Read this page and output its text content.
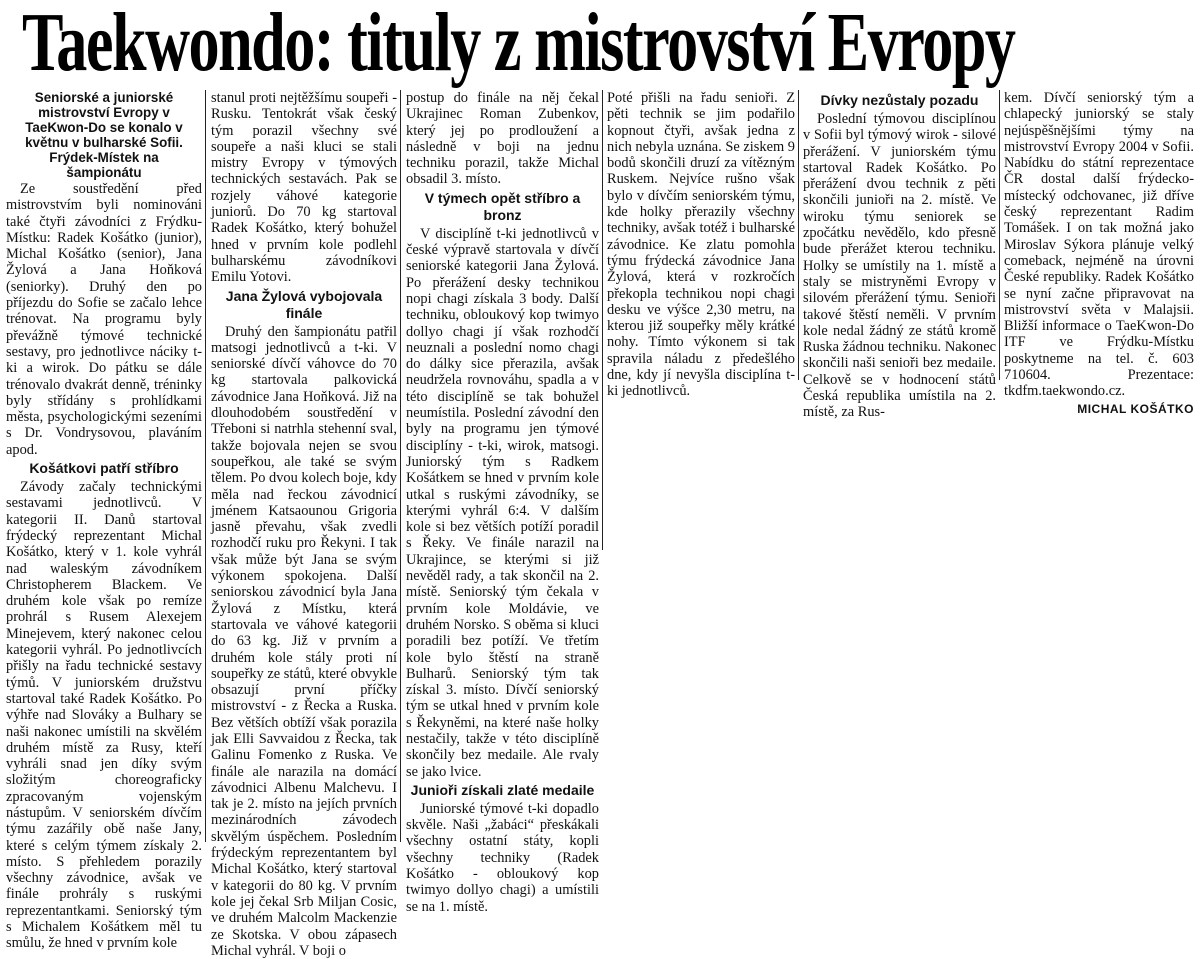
Taekwondo: tituly z mistrovství Evropy
Seniorské a juniorské mistrovství Evropy v TaeKwon-Do se konalo v květnu v bulharské Sofii. Frýdek-Místek na šampionátu

Ze soustředění před mistrovstvím byli nominováni také čtyři závodníci z Frýdku-Místku: Radek Košátko (junior), Michal Košátko (senior), Jana Žylová a Jana Hoňková (seniorky). Druhý den po příjezdu do Sofie se začalo lehce trénovat. Na programu byly převážně týmové technické sestavy, pro jednotlivce náciky t-ki a wirok. Do pátku se dále trénovalo dvakrát denně, tréninky byly střídány s prohlídkami města, psychologickými sezeními s Dr. Vondrysovou, plaváním apod.

Košátkovi patří stříbro

Závody začaly technickými sestavami jednotlivců. V kategorii II. Danů startoval frýdecký reprezentant Michal Košátko, který v 1. kole vyhrál nad waleským závodníkem Christopherem Blackem. Ve druhém kole však po remíze prohrál s Rusem Alexejem Minejevem, který nakonec celou kategorii vyhrál. Po jednotlivcích přišly na řadu technické sestavy týmů. V juniorském družstvu startoval také Radek Košátko. Po výhře nad Slováky a Bulhary se naši nakonec umístili na skvělém druhém místě za Rusy, kteří vyhráli snad jen díky svým složitým choreograficky zpracovaným vojenským nástupům. V seniorském dívčím týmu zazářily obě naše Jany, které s celým týmem získaly 2. místo. S přehledem porazily všechny závodnice, avšak ve finále prohrály s ruskými reprezentantkami. Seniorský tým s Michalem Košátkem měl tu smůlu, že hned v prvním kole

stanul proti nejtěžšímu soupeři - Rusku. Tentokrát však český tým porazil všechny své soupeře a naši kluci se stali mistry Evropy v týmových technických sestavách. Pak se rozjely váhové kategorie juniorů. Do 70 kg startoval Radek Košátko, který bohužel hned v prvním kole podlehl bulharskému závodníkovi Emilu Yotovi.

Jana Žylová vybojovala finále

Druhý den šampionátu patřil matsogi jednotlivců a t-ki. V seniorské dívčí váhovce do 70 kg startovala palkovická závodnice Jana Hoňková. Již na dlouhodobém soustředění v Třeboni si natrhla stehenní sval, takže bojovala nejen se svou soupeřkou, ale také se svým tělem. Po dvou kolech boje, kdy měla nad řeckou závodnicí jménem Katsaounou Grigoria jasně převahu, však zvedli rozhodčí ruku pro Řekyni. I tak však může být Jana se svým výkonem spokojena. Další seniorskou závodnicí byla Jana Žylová z Místku, která startovala ve váhové kategorii do 63 kg. Již v prvním a druhém kole stály proti ní soupeřky ze států, které obvykle obsazují první příčky mistrovství - z Řecka a Ruska. Bez větších obtíží však porazila jak Elli Savvaidou z Řecka, tak Galinu Fomenko z Ruska. Ve finále ale narazila na domácí závodnici Albenu Malchevu. I tak je 2. místo na jejích prvních mezinárodních závodech skvělým úspěchem. Posledním frýdeckým reprezentantem byl Michal Košátko, který startoval v kategorii do 80 kg. V prvním kole jej čekal Srb Miljan Cosic, ve druhém Malcolm Mackenzie ze Skotska. V obou zápasech Michal vyhrál. V boji o

postup do finále na něj čekal Ukrajinec Roman Zubenkov, který jej po prodloužení a následně v boji na jednu techniku porazil, takže Michal obsadil 3. místo.

V týmech opět stříbro a bronz

V disciplíně t-ki jednotlivců v české výpravě startovala v dívčí seniorské kategorii Jana Žylová. Po přerážení desky technikou nopi chagi získala 3 body. Další techniku, obloukový kop twimyo dollyo chagi jí však rozhodčí neuznali a poslední nomo chagi do dálky sice přerazila, avšak neudržela rovnováhu, spadla a v této disciplíně se tak bohužel neumístila. Poslední závodní den byly na programu jen týmové disciplíny - t-ki, wirok, matsogi. Juniorský tým s Radkem Košátkem se hned v prvním kole utkal s ruskými závodníky, se kterými vyhrál 6:4. V dalším kole si bez větších potíží poradil s Řeky. Ve finále narazil na Ukrajince, se kterými si již nevěděl rady, a tak skončil na 2. místě. Seniorský tým čekala v prvním kole Moldávie, ve druhém Norsko. S oběma si kluci poradili bez potíží. Ve třetím kole bylo štěstí na straně Bulharů. Seniorský tým tak získal 3. místo. Dívčí seniorský tým se utkal hned v prvním kole s Řekyněmi, na které naše holky nestačily, takže v této disciplíně skončily bez medaile. Ale rvaly se jako lvice.

Junioři získali zlaté medaile

Juniorské týmové t-ki dopadlo skvěle. Naši „žabáci“ přeskákali všechny ostatní státy, kopli všechny techniky (Radek Košátko - obloukový kop twimyo dollyo chagi) a umístili se na 1. místě.

Poté přišli na řadu senioři. Z pěti technik se jim podařilo kopnout čtyři, avšak jedna z nich nebyla uznána. Se ziskem 9 bodů skončili druzí za vítězným Ruskem. Nejvíce rušno však bylo v dívčím seniorském týmu, kde holky přerazily všechny techniky, avšak totéž i bulharské závodnice. Ke zlatu pomohla týmu frýdecká závodnice Jana Žylová, která v rozkročích překopla technikou nopi chagi desku ve výšce 2,30 metru, na kterou již soupeřky měly krátké nohy. Tímto výkonem si tak spravila náladu z předešlého dne, kdy jí nevyšla disciplína t-ki jednotlivců.

Dívky nezůstaly pozadu

Poslední týmovou disciplínou v Sofii byl týmový wirok - silové přerážení. V juniorském týmu startoval Radek Košátko. Po přerážení dvou technik z pěti skončili junioři na 2. místě. Ve wiroku týmu seniorek se zpočátku nevědělo, kdo přesně bude přerážet kterou techniku. Holky se umístily na 1. místě a staly se mistryněmi Evropy v silovém přerážení týmu. Senioři takové štěstí neměli. V prvním kole nedal žádný ze států kromě Ruska žádnou techniku. Nakonec skončili naši senioři bez medaile. Celkově se v hodnocení států Česká republika umístila na 2. místě, za Rus-

kem. Dívčí seniorský tým a chlapecký juniorský se staly nejúspěšnějšími týmy na mistrovství Evropy 2004 v Sofii. Nabídku do státní reprezentace ČR dostal další frýdecko-místecký odchovanec, již dříve český reprezentant Radim Tomášek. I on tak možná jako Miroslav Sýkora plánuje velký comeback, nejméně na úrovni České republiky. Radek Košátko se nyní začne připravovat na mistrovství světa v Malajsii. Bližší informace o TaeKwon-Do ITF ve Frýdku-Místku poskytneme na tel. č. 603 710604. Prezentace: tkdfm.taekwondo.cz.

MICHAL KOŠÁTKO
